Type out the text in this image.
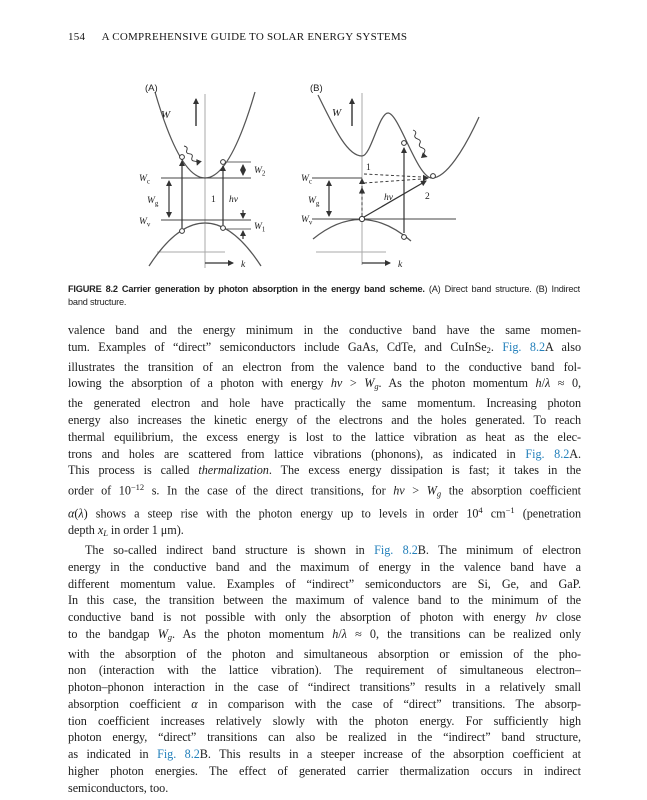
154 A COMPREHENSIVE GUIDE TO SOLAR ENERGY SYSTEMS
W
k
(A)
$W_c$
$W_g$
$W_v$
$W_2$
$W_1$
1 hν
W
k
(B)
$W_c$
$W_g$
$W_v$
1
2
hν
FIGURE 8.2 Carrier generation by photon absorption in the energy band scheme. (A) Direct band structure. (B) Indirect
band structure.
valence band and the energy minimum in the conductive band have the same momen-
tum. Examples of “direct” semiconductors include GaAs, CdTe, and CuInSe2. Fig. 8.2A also
illustrates the transition of an electron from the valence band to the conductive band fol-
lowing the absorption of a photon with energy hν > Wg. As the photon momentum h/λ ≈ 0,
the generated electron and hole have practically the same momentum. Increasing photon
energy also increases the kinetic energy of the electrons and the holes generated. To reach
thermal equilibrium, the excess energy is lost to the lattice vibration as heat as the elec-
trons and holes are scattered from lattice vibrations (phonons), as indicated in Fig. 8.2A.
This process is called thermalization. The excess energy dissipation is fast; it takes in the
order of $10^{-12}$ s. In the case of the direct transitions, for hν > Wg the absorption coefficient
α(λ) shows a steep rise with the photon energy up to levels in order $10^4$ $cm^{-1}$ (penetration
depth xL in order 1 μm).
The so-called indirect band structure is shown in Fig. 8.2B. The minimum of electron
energy in the conductive band and the maximum of energy in the valence band have a
different momentum value. Examples of “indirect” semiconductors are Si, Ge, and GaP.
In this case, the transition between the maximum of valence band to the minimum of the
conductive band is not possible with only the absorption of photon with energy hν close
to the bandgap Wg. As the photon momentum h/λ ≈ 0, the transitions can be realized only
with the absorption of the photon and simultaneous absorption or emission of the pho-
non (interaction with the lattice vibration). The requirement of simultaneous electron–
photon–phonon interaction in the case of “indirect transitions” results in a relatively small
absorption coefficient α in comparison with the case of “direct” transitions. The absorp-
tion coefficient increases relatively slowly with the photon energy. For sufficiently high
photon energy, “direct” transitions can also be realized in the “indirect” band structure,
as indicated in Fig. 8.2B. This results in a steeper increase of the absorption coefficient at
higher photon energies. The effect of generated carrier thermalization occurs in indirect
semiconductors, too.
